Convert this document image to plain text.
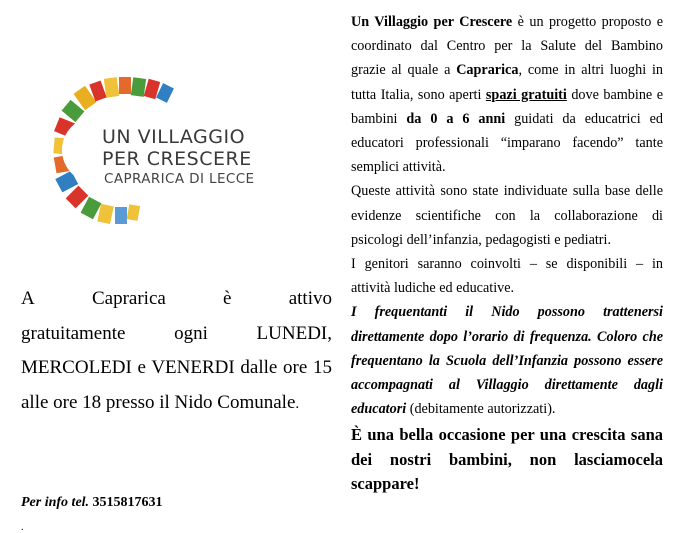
UN VILLAGGIO
PER CRESCERE
CAPRARICA DI LECCE

A	Caprarica	è	attivo
gratuitamente ogni LUNEDI, MERCOLEDI e VENERDI dalle ore 15 alle ore 18 presso il Nido Comunale.

Per info tel. 3515817631
.

Un Villaggio per Crescere è un progetto proposto e coordinato dal Centro per la Salute del Bambino grazie al quale a Caprarica, come in altri luoghi in tutta Italia, sono aperti spazi gratuiti dove bambine e bambini da 0 a 6 anni guidati da educatrici ed educatori professionali “imparano facendo” tante semplici attività.

Queste attività sono state individuate sulla base delle evidenze scientifiche con la collaborazione di psicologi dell’infanzia, pedagogisti e pediatri.

I genitori saranno coinvolti – se disponibili – in attività ludiche ed educative.

I frequentanti il Nido possono trattenersi direttamente dopo l’orario di frequenza. Coloro che frequentano la Scuola dell’Infanzia possono essere accompagnati al Villaggio direttamente dagli educatori (debitamente autorizzati).

È una bella occasione per una crescita sana dei nostri bambini, non lasciamocela scappare!
